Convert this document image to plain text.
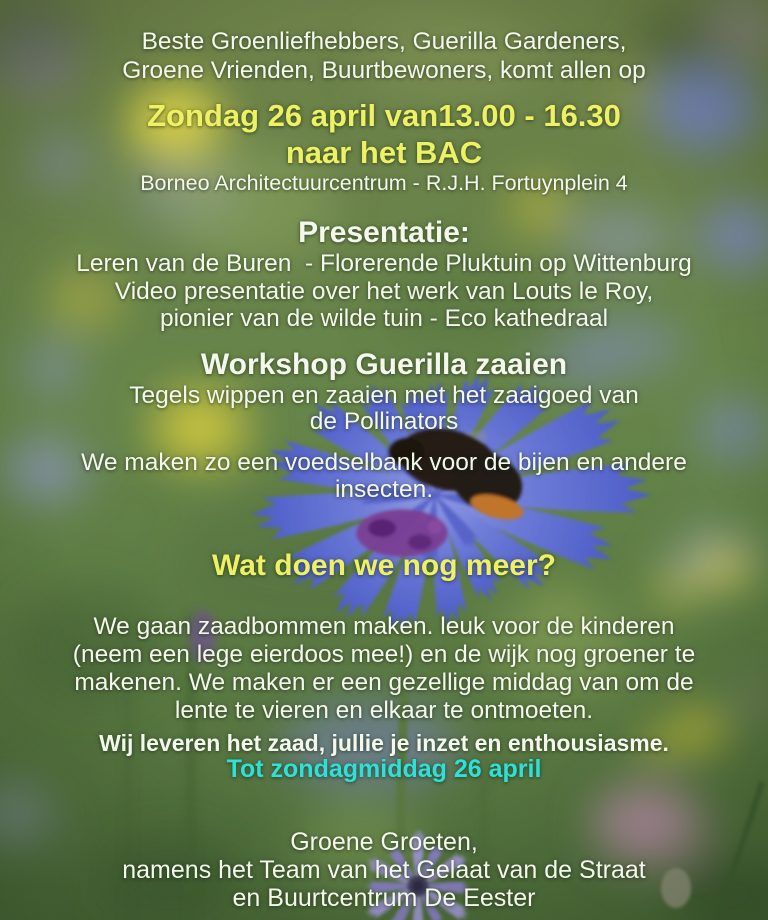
Beste Groenliefhebbers, Guerilla Gardeners,
Groene Vrienden, Buurtbewoners, komt allen op
Zondag 26 april van13.00 - 16.30
naar het BAC
Borneo Architectuurcentrum - R.J.H. Fortuynplein 4
Presentatie:
Leren van de Buren  - Florerende Pluktuin op Wittenburg
Video presentatie over het werk van Louts le Roy,
pionier van de wilde tuin - Eco kathedraal
Workshop Guerilla zaaien
Tegels wippen en zaaien met het zaaigoed van
de Pollinators
We maken zo een voedselbank voor de bijen en andere
insecten.
Wat doen we nog meer?
We gaan zaadbommen maken. leuk voor de kinderen
(neem een lege eierdoos mee!) en de wijk nog groener te
makenen. We maken er een gezellige middag van om de
lente te vieren en elkaar te ontmoeten.
Wij leveren het zaad, jullie je inzet en enthousiasme.
Tot zondagmiddag 26 april
Groene Groeten,
namens het Team van het Gelaat van de Straat
en Buurtcentrum De Eester
